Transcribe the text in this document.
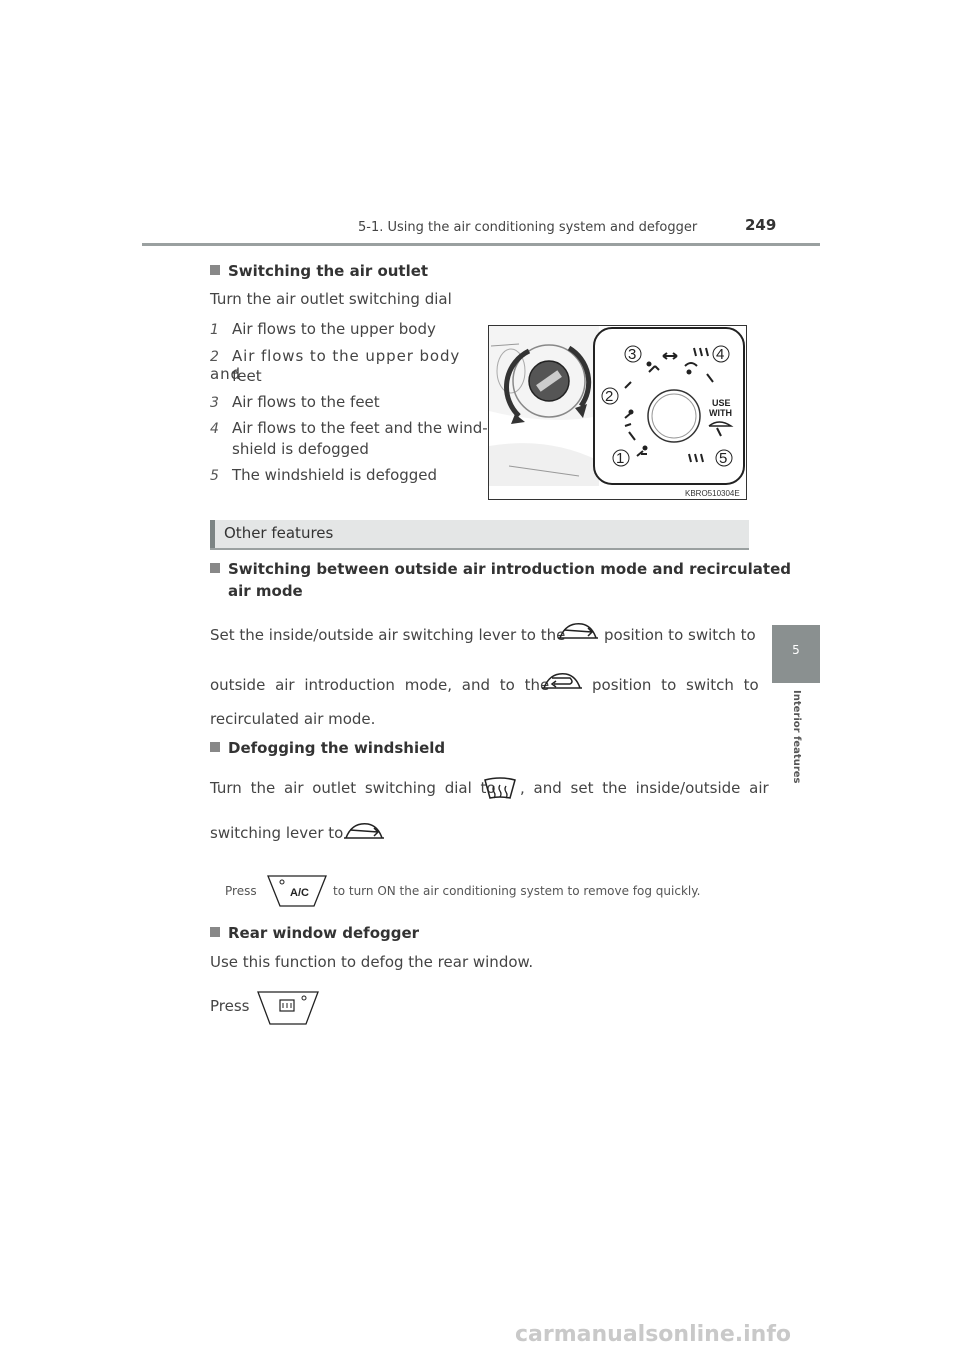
5-1. Using the air conditioning system and defogger	249
5
Interior features
Switching the air outlet
Turn the air outlet switching dial
1 Air flows to the upper body
2 Air flows to the upper body and
feet
3 Air flows to the feet
4 Air flows to the feet and the wind-
shield is defogged
5 The windshield is defogged
3	4
2
1	5
USE
WITH
KBRO510304E
Other features
Switching between outside air introduction mode and recirculated
air mode
Set the inside/outside air switching lever to the	position to switch to
outside air introduction mode, and to the	position to switch to
recirculated air mode.
Defogging the windshield
Turn the air outlet switching dial to , and set the inside/outside air
switching lever to
Press	A/C to turn ON the air conditioning system to remove fog quickly.
Rear window defogger
Use this function to defog the rear window.
Press
carmanualsonline.info
